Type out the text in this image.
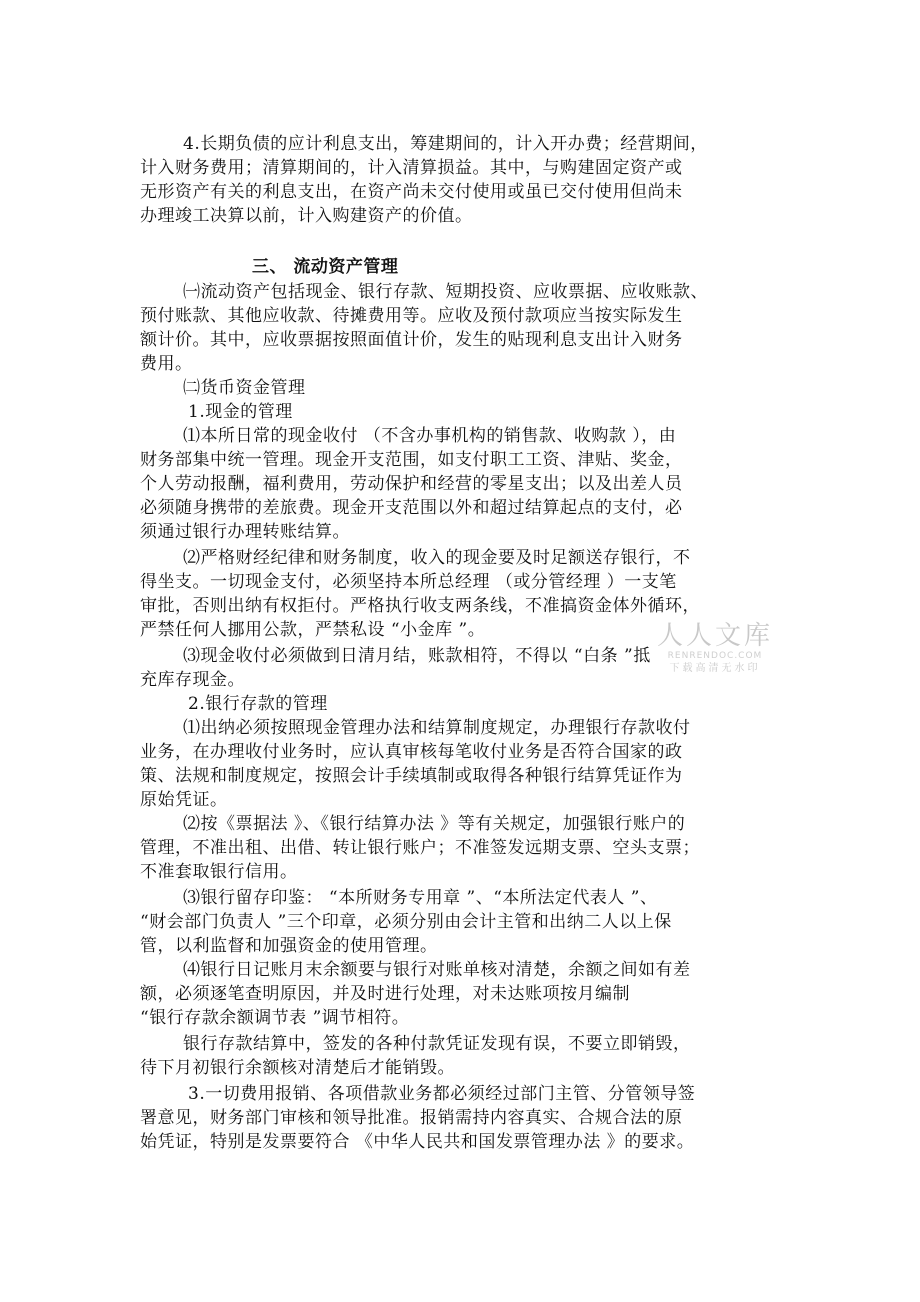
4.长期负债的应计利息支出，筹建期间的，计入开办费；经营期间，
计入财务费用；清算期间的，计入清算损益。其中，与购建固定资产或
无形资产有关的利息支出，在资产尚未交付使用或虽已交付使用但尚未
办理竣工决算以前，计入购建资产的价值。
三、 流动资产管理
㈠流动资产包括现金、银行存款、短期投资、应收票据、应收账款、
预付账款、其他应收款、待摊费用等。应收及预付款项应当按实际发生
额计价。其中，应收票据按照面值计价，发生的贴现利息支出计入财务
费用。
㈡货币资金管理
1.现金的管理
⑴本所日常的现金收付 （不含办事机构的销售款、收购款 ），由
财务部集中统一管理。现金开支范围，如支付职工工资、津贴、奖金，
个人劳动报酬，福利费用，劳动保护和经营的零星支出；以及出差人员
必须随身携带的差旅费。现金开支范围以外和超过结算起点的支付，必
须通过银行办理转账结算。
⑵严格财经纪律和财务制度，收入的现金要及时足额送存银行，不
得坐支。一切现金支付，必须坚持本所总经理 （或分管经理 ）一支笔
审批，否则出纳有权拒付。严格执行收支两条线，不准搞资金体外循环，
严禁任何人挪用公款，严禁私设 “小金库 ”。
⑶现金收付必须做到日清月结，账款相符，不得以 “白条 ”抵
充库存现金。
2.银行存款的管理
⑴出纳必须按照现金管理办法和结算制度规定，办理银行存款收付
业务，在办理收付业务时，应认真审核每笔收付业务是否符合国家的政
策、法规和制度规定，按照会计手续填制或取得各种银行结算凭证作为
原始凭证。
⑵按《票据法 》、《银行结算办法 》等有关规定，加强银行账户的
管理，不准出租、出借、转让银行账户；不准签发远期支票、空头支票；
不准套取银行信用。
⑶银行留存印鉴： “本所财务专用章 ”、“本所法定代表人 ”、
“财会部门负责人 ”三个印章，必须分别由会计主管和出纳二人以上保
管，以利监督和加强资金的使用管理。
⑷银行日记账月末余额要与银行对账单核对清楚，余额之间如有差
额，必须逐笔查明原因，并及时进行处理，对未达账项按月编制
“银行存款余额调节表 ”调节相符。
银行存款结算中，签发的各种付款凭证发现有误，不要立即销毁，
待下月初银行余额核对清楚后才能销毁。
3.一切费用报销、各项借款业务都必须经过部门主管、分管领导签
署意见，财务部门审核和领导批准。报销需持内容真实、合规合法的原
始凭证，特别是发票要符合 《中华人民共和国发票管理办法 》的要求。
人人文库
RENRENDOC.COM
下载高清无水印
